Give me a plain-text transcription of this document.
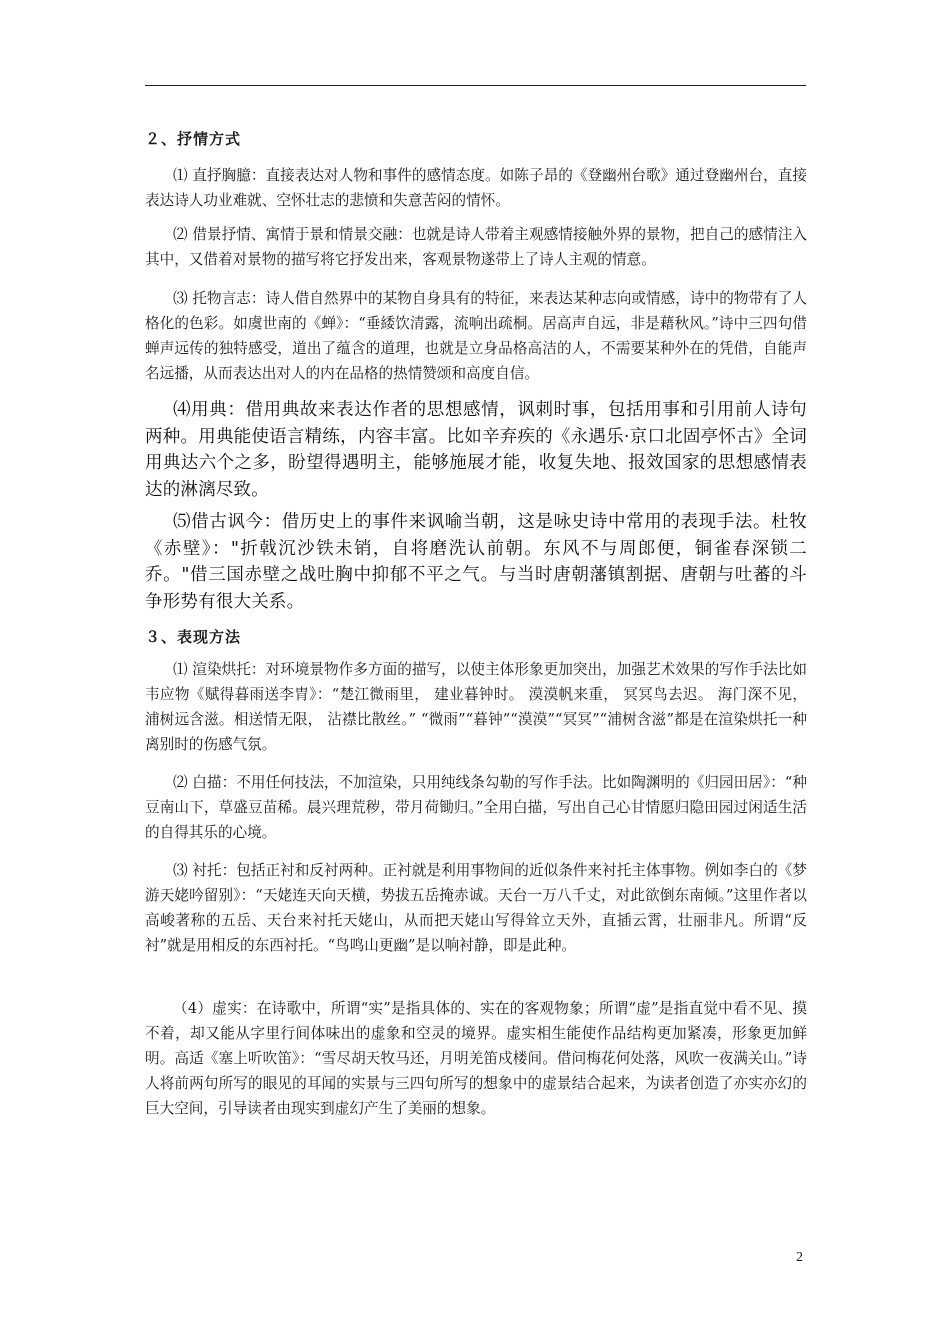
２、抒情方式
⑴ 直抒胸臆：直接表达对人物和事件的感情态度。如陈子昂的《登幽州台歌》通过登幽州台，直接表达诗人功业难就、空怀壮志的悲愤和失意苦闷的情怀。
⑵ 借景抒情、寓情于景和情景交融：也就是诗人带着主观感情接触外界的景物，把自己的感情注入其中，又借着对景物的描写将它抒发出来，客观景物遂带上了诗人主观的情意。
⑶ 托物言志：诗人借自然界中的某物自身具有的特征，来表达某种志向或情感，诗中的物带有了人格化的色彩。如虞世南的《蝉》：“垂緌饮清露，流响出疏桐。居高声自远，非是藉秋风。”诗中三四句借蝉声远传的独特感受，道出了蕴含的道理，也就是立身品格高洁的人，不需要某种外在的凭借，自能声名远播，从而表达出对人的内在品格的热情赞颂和高度自信。
⑷用典：借用典故来表达作者的思想感情，讽刺时事，包括用事和引用前人诗句两种。用典能使语言精练，内容丰富。比如辛弃疾的《永遇乐·京口北固亭怀古》全词用典达六个之多，盼望得遇明主，能够施展才能，收复失地、报效国家的思想感情表达的淋漓尽致。
⑸借古讽今：借历史上的事件来讽喻当朝，这是咏史诗中常用的表现手法。杜牧《赤壁》："折戟沉沙铁未销，自将磨洗认前朝。东风不与周郎便，铜雀春深锁二乔。"借三国赤壁之战吐胸中抑郁不平之气。与当时唐朝藩镇割据、唐朝与吐蕃的斗争形势有很大关系。
３、表现方法
⑴ 渲染烘托：对环境景物作多方面的描写，以使主体形象更加突出，加强艺术效果的写作手法比如韦应物《赋得暮雨送李胄》：“楚江微雨里， 建业暮钟时。 漠漠帆来重， 冥冥鸟去迟。 海门深不见， 浦树远含滋。相送情无限， 沾襟比散丝。” “微雨”“暮钟”“漠漠”“冥冥”“浦树含滋”都是在渲染烘托一种离别时的伤感气氛。
⑵ 白描：不用任何技法，不加渲染，只用纯线条勾勒的写作手法。比如陶渊明的《归园田居》：“种豆南山下，草盛豆苗稀。晨兴理荒秽，带月荷锄归。”全用白描，写出自己心甘情愿归隐田园过闲适生活的自得其乐的心境。
⑶ 衬托：包括正衬和反衬两种。正衬就是利用事物间的近似条件来衬托主体事物。例如李白的《梦游天姥吟留别》：“天姥连天向天横，势拔五岳掩赤诚。天台一万八千丈，对此欲倒东南倾。”这里作者以高峻著称的五岳、天台来衬托天姥山，从而把天姥山写得耸立天外，直插云霄，壮丽非凡。所谓“反衬”就是用相反的东西衬托。“鸟鸣山更幽”是以响衬静，即是此种。
（4）虚实：在诗歌中，所谓“实”是指具体的、实在的客观物象；所谓“虚”是指直觉中看不见、摸不着，却又能从字里行间体味出的虚象和空灵的境界。虚实相生能使作品结构更加紧凑，形象更加鲜明。高适《塞上听吹笛》：“雪尽胡天牧马还，月明羌笛戍楼间。借问梅花何处落，风吹一夜满关山。”诗人将前两句所写的眼见的耳闻的实景与三四句所写的想象中的虚景结合起来，为读者创造了亦实亦幻的巨大空间，引导读者由现实到虚幻产生了美丽的想象。
2
